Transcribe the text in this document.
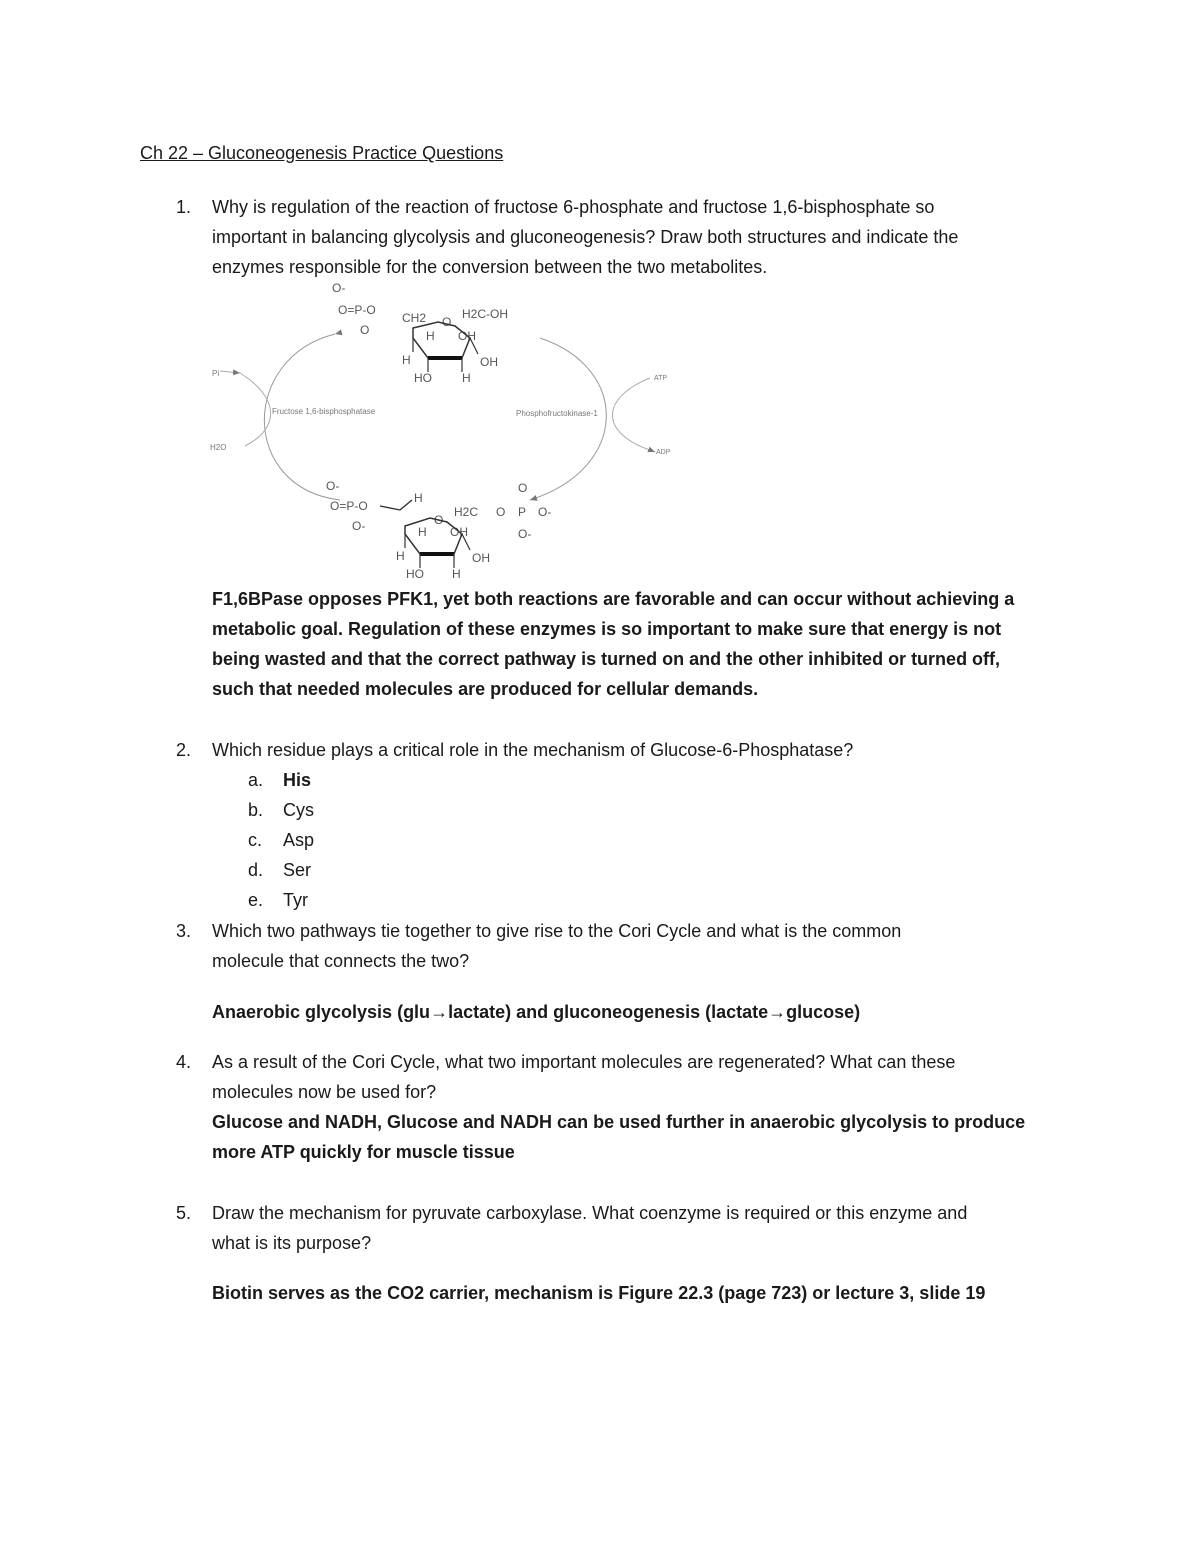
Ch 22 – Gluconeogenesis Practice Questions
1. Why is regulation of the reaction of fructose 6-phosphate and fructose 1,6-bisphosphate so
important in balancing glycolysis and gluconeogenesis? Draw both structures and indicate the
enzymes responsible for the conversion between the two metabolites.
Pi
H2O
ATP
ADP
Fructose 1,6-bisphosphatase	Phosphofructokinase-1
O-
O=P-O
O
CH2 O
H2C-OH
H OH
H	OH
HO	H
O-
O=P-O
O-
H
O
H2C O P O-
O
O-
H OH
H	OH
HO H
F1,6BPase opposes PFK1, yet both reactions are favorable and can occur without achieving a
metabolic goal. Regulation of these enzymes is so important to make sure that energy is not
being wasted and that the correct pathway is turned on and the other inhibited or turned off,
such that needed molecules are produced for cellular demands.
2. Which residue plays a critical role in the mechanism of Glucose-6-Phosphatase?
a. His
b. Cys
c. Asp
d. Ser
e. Tyr
3. Which two pathways tie together to give rise to the Cori Cycle and what is the common
molecule that connects the two?
Anaerobic glycolysis (glu→lactate) and gluconeogenesis (lactate→glucose)
4. As a result of the Cori Cycle, what two important molecules are regenerated? What can these
molecules now be used for?
Glucose and NADH, Glucose and NADH can be used further in anaerobic glycolysis to produce
more ATP quickly for muscle tissue
5. Draw the mechanism for pyruvate carboxylase. What coenzyme is required or this enzyme and
what is its purpose?
Biotin serves as the CO2 carrier, mechanism is Figure 22.3 (page 723) or lecture 3, slide 19
